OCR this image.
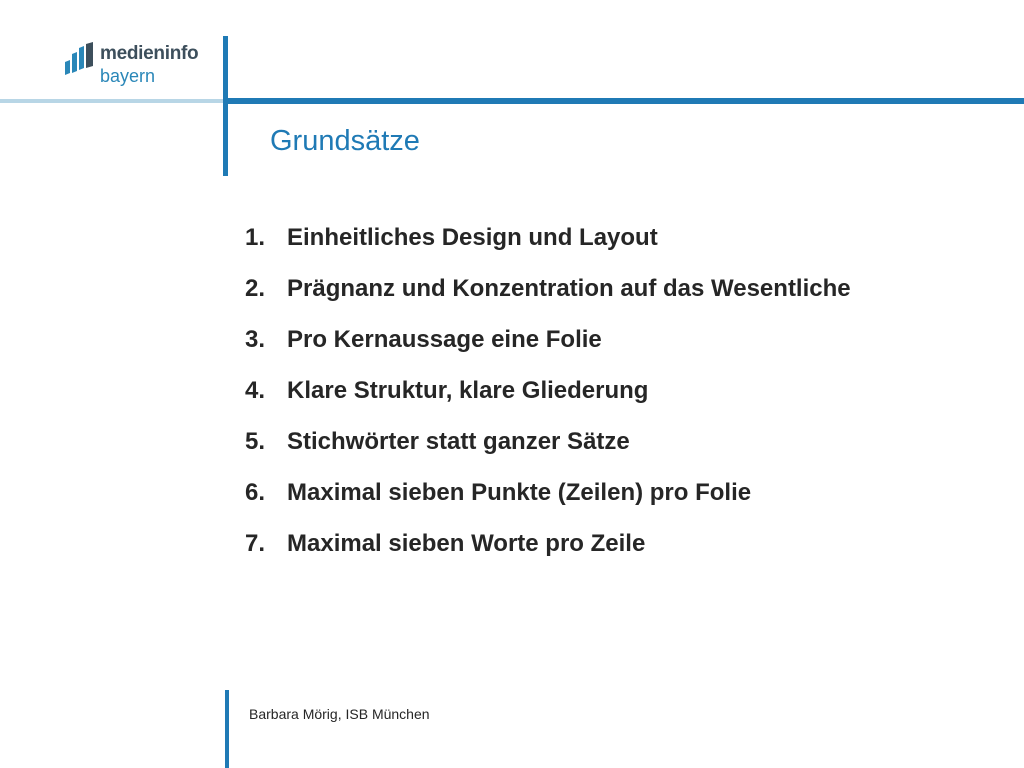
medieninfo
bayern
Grundsätze
1. Einheitliches Design und Layout
2. Prägnanz und Konzentration auf das Wesentliche
3. Pro Kernaussage eine Folie
4. Klare Struktur, klare Gliederung
5. Stichwörter statt ganzer Sätze
6. Maximal sieben Punkte (Zeilen) pro Folie
7. Maximal sieben Worte pro Zeile
Barbara Mörig, ISB München
